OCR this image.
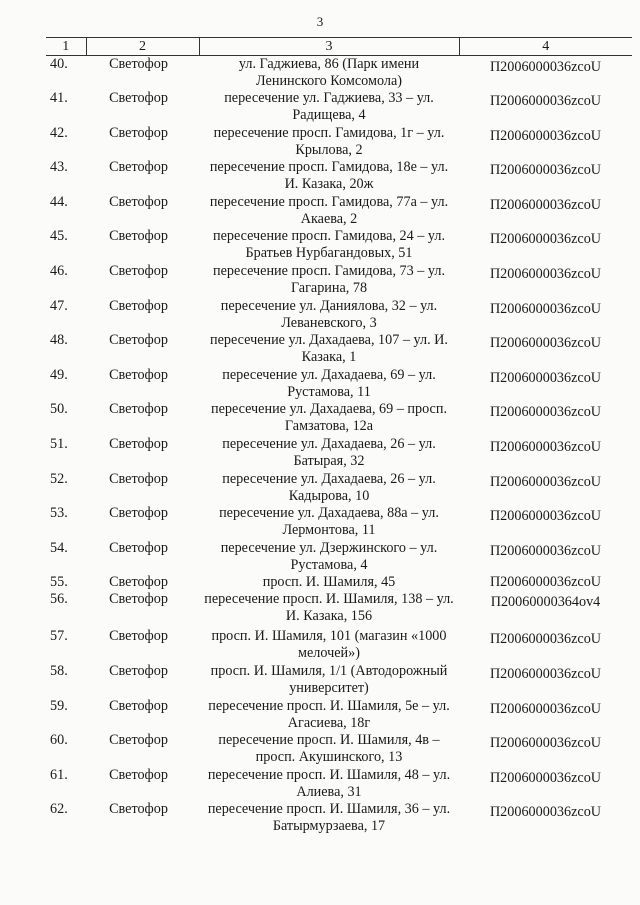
3
1	2	3	4
40.	Светофор	ул. Гаджиева, 86 (Парк имени Ленинского Комсомола)	П2006000036zcoU
41.	Светофор	пересечение ул. Гаджиева, 33 – ул. Радищева, 4	П2006000036zcoU
42.	Светофор	пересечение просп. Гамидова, 1г – ул. Крылова, 2	П2006000036zcoU
43.	Светофор	пересечение просп. Гамидова, 18е – ул. И. Казака, 20ж	П2006000036zcoU
44.	Светофор	пересечение просп. Гамидова, 77а – ул. Акаева, 2	П2006000036zcoU
45.	Светофор	пересечение просп. Гамидова, 24 – ул. Братьев Нурбагандовых, 51	П2006000036zcoU
46.	Светофор	пересечение просп. Гамидова, 73 – ул. Гагарина, 78	П2006000036zcoU
47.	Светофор	пересечение ул. Даниялова, 32 – ул. Леваневского, 3	П2006000036zcoU
48.	Светофор	пересечение ул. Дахадаева, 107 – ул. И. Казака, 1	П2006000036zcoU
49.	Светофор	пересечение ул. Дахадаева, 69 – ул. Рустамова, 11	П2006000036zcoU
50.	Светофор	пересечение ул. Дахадаева, 69 – просп. Гамзатова, 12а	П2006000036zcoU
51.	Светофор	пересечение ул. Дахадаева, 26 – ул. Батырая, 32	П2006000036zcoU
52.	Светофор	пересечение ул. Дахадаева, 26 – ул. Кадырова, 10	П2006000036zcoU
53.	Светофор	пересечение ул. Дахадаева, 88а – ул. Лермонтова, 11	П2006000036zcoU
54.	Светофор	пересечение ул. Дзержинского – ул. Рустамова, 4	П2006000036zcoU
55.	Светофор	просп. И. Шамиля, 45	П2006000036zcoU
56.	Светофор	пересечение просп. И. Шамиля, 138 – ул. И. Казака, 156	П20060000364ov4
57.	Светофор	просп. И. Шамиля, 101 (магазин «1000 мелочей»)	П2006000036zcoU
58.	Светофор	просп. И. Шамиля, 1/1 (Автодорожный университет)	П2006000036zcoU
59.	Светофор	пересечение просп. И. Шамиля, 5е – ул. Агасиева, 18г	П2006000036zcoU
60.	Светофор	пересечение просп. И. Шамиля, 4в – просп. Акушинского, 13	П2006000036zcoU
61.	Светофор	пересечение просп. И. Шамиля, 48 – ул. Алиева, 31	П2006000036zcoU
62.	Светофор	пересечение просп. И. Шамиля, 36 – ул. Батырмурзаева, 17	П2006000036zcoU
